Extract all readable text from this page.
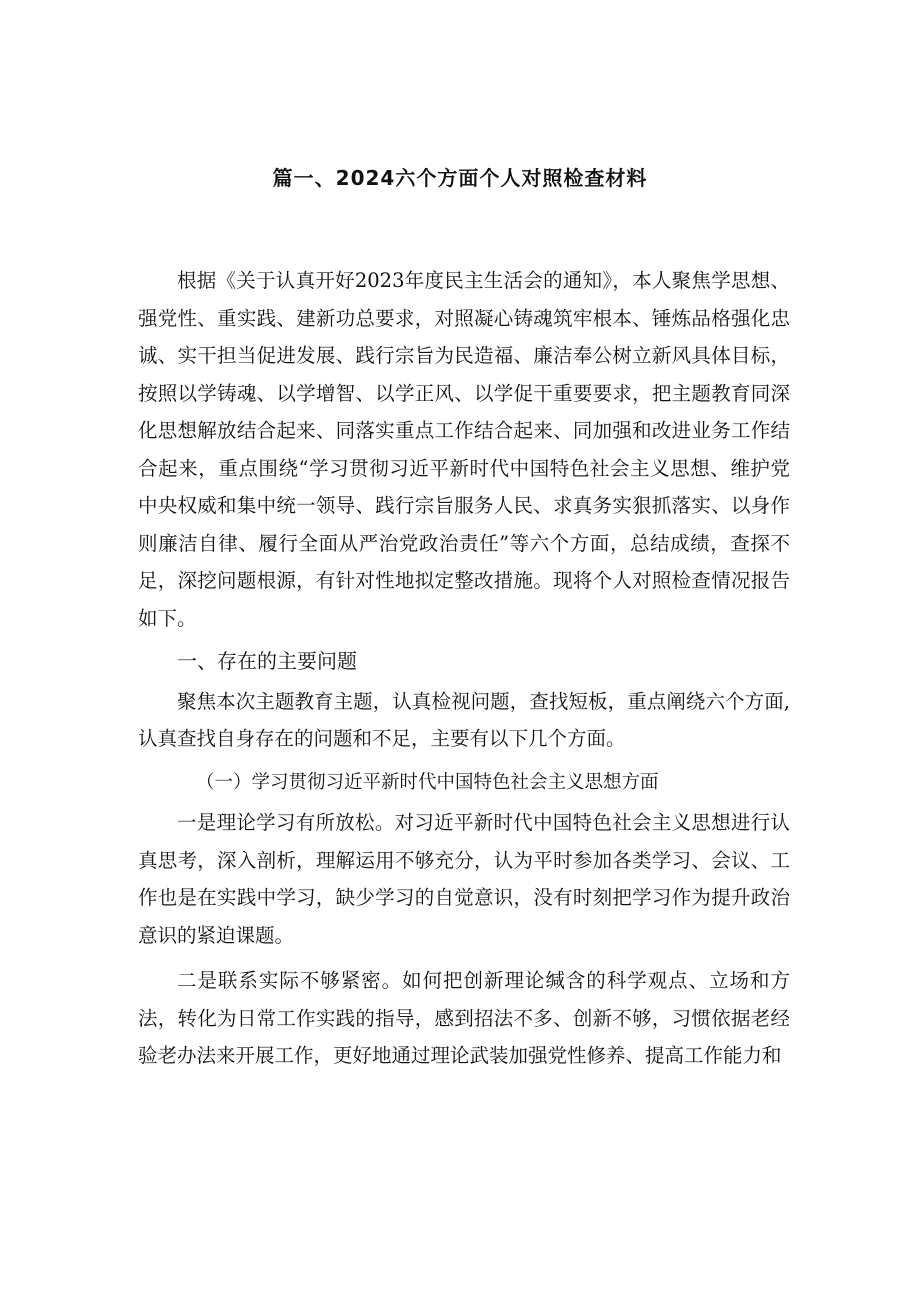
篇一、2024六个方面个人对照检查材料

根据《关于认真开好2023年度民主生活会的通知》，本人聚焦学思想、强党性、重实践、建新功总要求，对照凝心铸魂筑牢根本、锤炼品格强化忠诚、实干担当促进发展、践行宗旨为民造福、廉洁奉公树立新风具体目标，按照以学铸魂、以学增智、以学正风、以学促干重要要求，把主题教育同深化思想解放结合起来、同落实重点工作结合起来、同加强和改进业务工作结合起来，重点围绕“学习贯彻习近平新时代中国特色社会主义思想、维护党中央权威和集中统一领导、践行宗旨服务人民、求真务实狠抓落实、以身作则廉洁自律、履行全面从严治党政治责任”等六个方面，总结成绩，查探不足，深挖问题根源，有针对性地拟定整改措施。现将个人对照检查情况报告如下。

一、存在的主要问题

聚焦本次主题教育主题，认真检视问题，查找短板，重点阐绕六个方面,认真查找自身存在的问题和不足，主要有以下几个方面。

（一）学习贯彻习近平新时代中国特色社会主义思想方面

一是理论学习有所放松。对习近平新时代中国特色社会主义思想进行认真思考，深入剖析，理解运用不够充分，认为平时参加各类学习、会议、工作也是在实践中学习，缺少学习的自觉意识，没有时刻把学习作为提升政治意识的紧迫课题。

二是联系实际不够紧密。如何把创新理论缄含的科学观点、立场和方法，转化为日常工作实践的指导，感到招法不多、创新不够，习惯依据老经验老办法来开展工作，更好地通过理论武装加强党性修养、提高工作能力和
